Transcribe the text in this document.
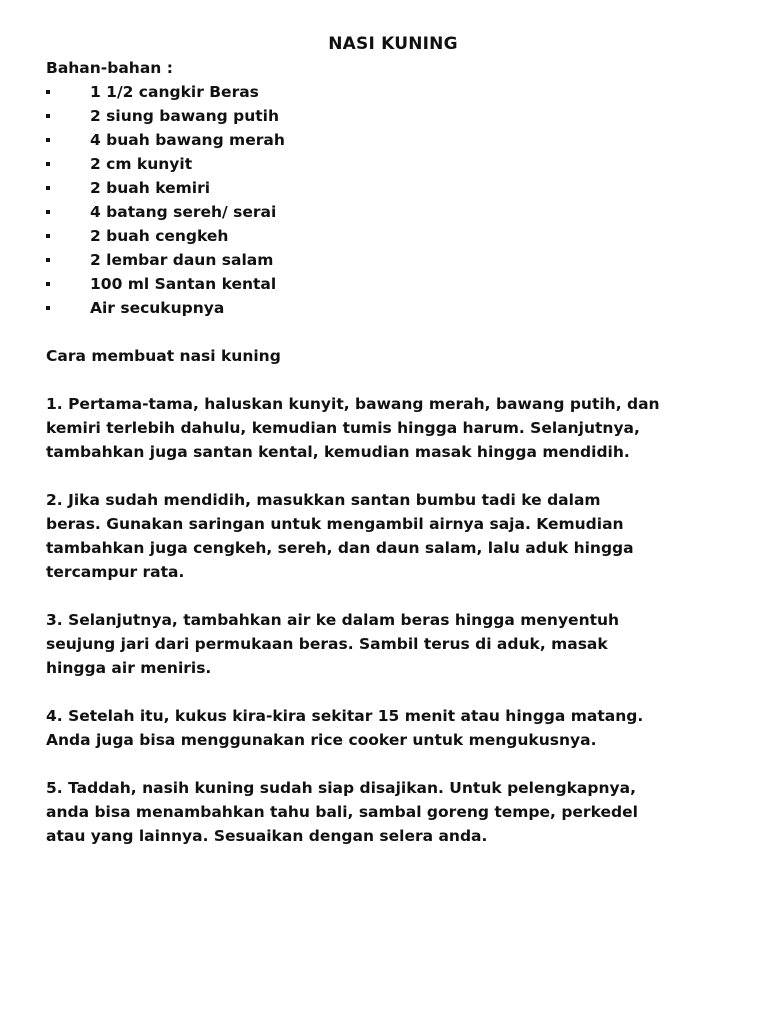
NASI KUNING

Bahan-bahan :

1 1/2 cangkir Beras
2 siung bawang putih
4 buah bawang merah
2 cm kunyit
2 buah kemiri
4 batang sereh/ serai
2 buah cengkeh
2 lembar daun salam
100 ml Santan kental
Air secukupnya

Cara membuat nasi kuning

1. Pertama-tama, haluskan kunyit, bawang merah, bawang putih, dan
kemiri terlebih dahulu, kemudian tumis hingga harum. Selanjutnya,
tambahkan juga santan kental, kemudian masak hingga mendidih.

2. Jika sudah mendidih, masukkan santan bumbu tadi ke dalam
beras. Gunakan saringan untuk mengambil airnya saja. Kemudian
tambahkan juga cengkeh, sereh, dan daun salam, lalu aduk hingga
tercampur rata.

3. Selanjutnya, tambahkan air ke dalam beras hingga menyentuh
seujung jari dari permukaan beras. Sambil terus di aduk, masak
hingga air meniris.

4. Setelah itu, kukus kira-kira sekitar 15 menit atau hingga matang.
Anda juga bisa menggunakan rice cooker untuk mengukusnya.

5. Taddah, nasih kuning sudah siap disajikan. Untuk pelengkapnya,
anda bisa menambahkan tahu bali, sambal goreng tempe, perkedel
atau yang lainnya. Sesuaikan dengan selera anda.
